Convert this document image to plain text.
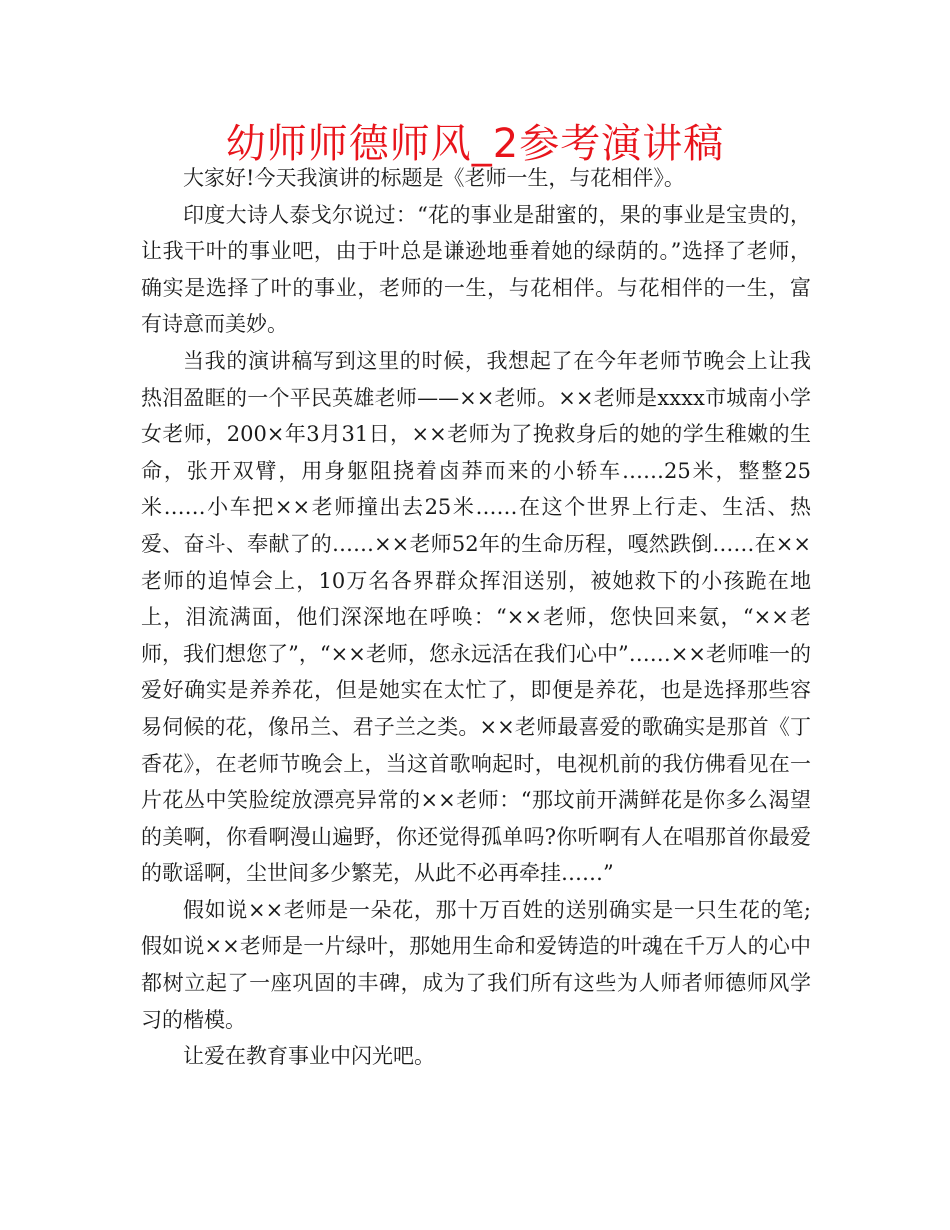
幼师师德师风_2参考演讲稿

大家好!今天我演讲的标题是《老师一生，与花相伴》。

印度大诗人泰戈尔说过：“花的事业是甜蜜的，果的事业是宝贵的，让我干叶的事业吧，由于叶总是谦逊地垂着她的绿荫的。”选择了老师，确实是选择了叶的事业，老师的一生，与花相伴。与花相伴的一生，富有诗意而美妙。

当我的演讲稿写到这里的时候，我想起了在今年老师节晚会上让我热泪盈眶的一个平民英雄老师——××老师。××老师是xxxx市城南小学女老师，200×年3月31日，××老师为了挽救身后的她的学生稚嫩的生命，张开双臂，用身躯阻挠着卤莽而来的小轿车……25米，整整25米……小车把××老师撞出去25米……在这个世界上行走、生活、热爱、奋斗、奉献了的……××老师52年的生命历程，嘎然跌倒……在××老师的追悼会上，10万名各界群众挥泪送别，被她救下的小孩跪在地上，泪流满面，他们深深地在呼唤：“××老师，您快回来氨，“××老师，我们想您了”，“××老师，您永远活在我们心中”……××老师唯一的爱好确实是养养花，但是她实在太忙了，即便是养花，也是选择那些容易伺候的花，像吊兰、君子兰之类。××老师最喜爱的歌确实是那首《丁香花》，在老师节晚会上，当这首歌响起时，电视机前的我仿佛看见在一片花丛中笑脸绽放漂亮异常的××老师：“那坟前开满鲜花是你多么渴望的美啊，你看啊漫山遍野，你还觉得孤单吗?你听啊有人在唱那首你最爱的歌谣啊，尘世间多少繁芜，从此不必再牵挂……”

假如说××老师是一朵花，那十万百姓的送别确实是一只生花的笔;假如说××老师是一片绿叶，那她用生命和爱铸造的叶魂在千万人的心中都树立起了一座巩固的丰碑，成为了我们所有这些为人师者师德师风学习的楷模。

让爱在教育事业中闪光吧。
